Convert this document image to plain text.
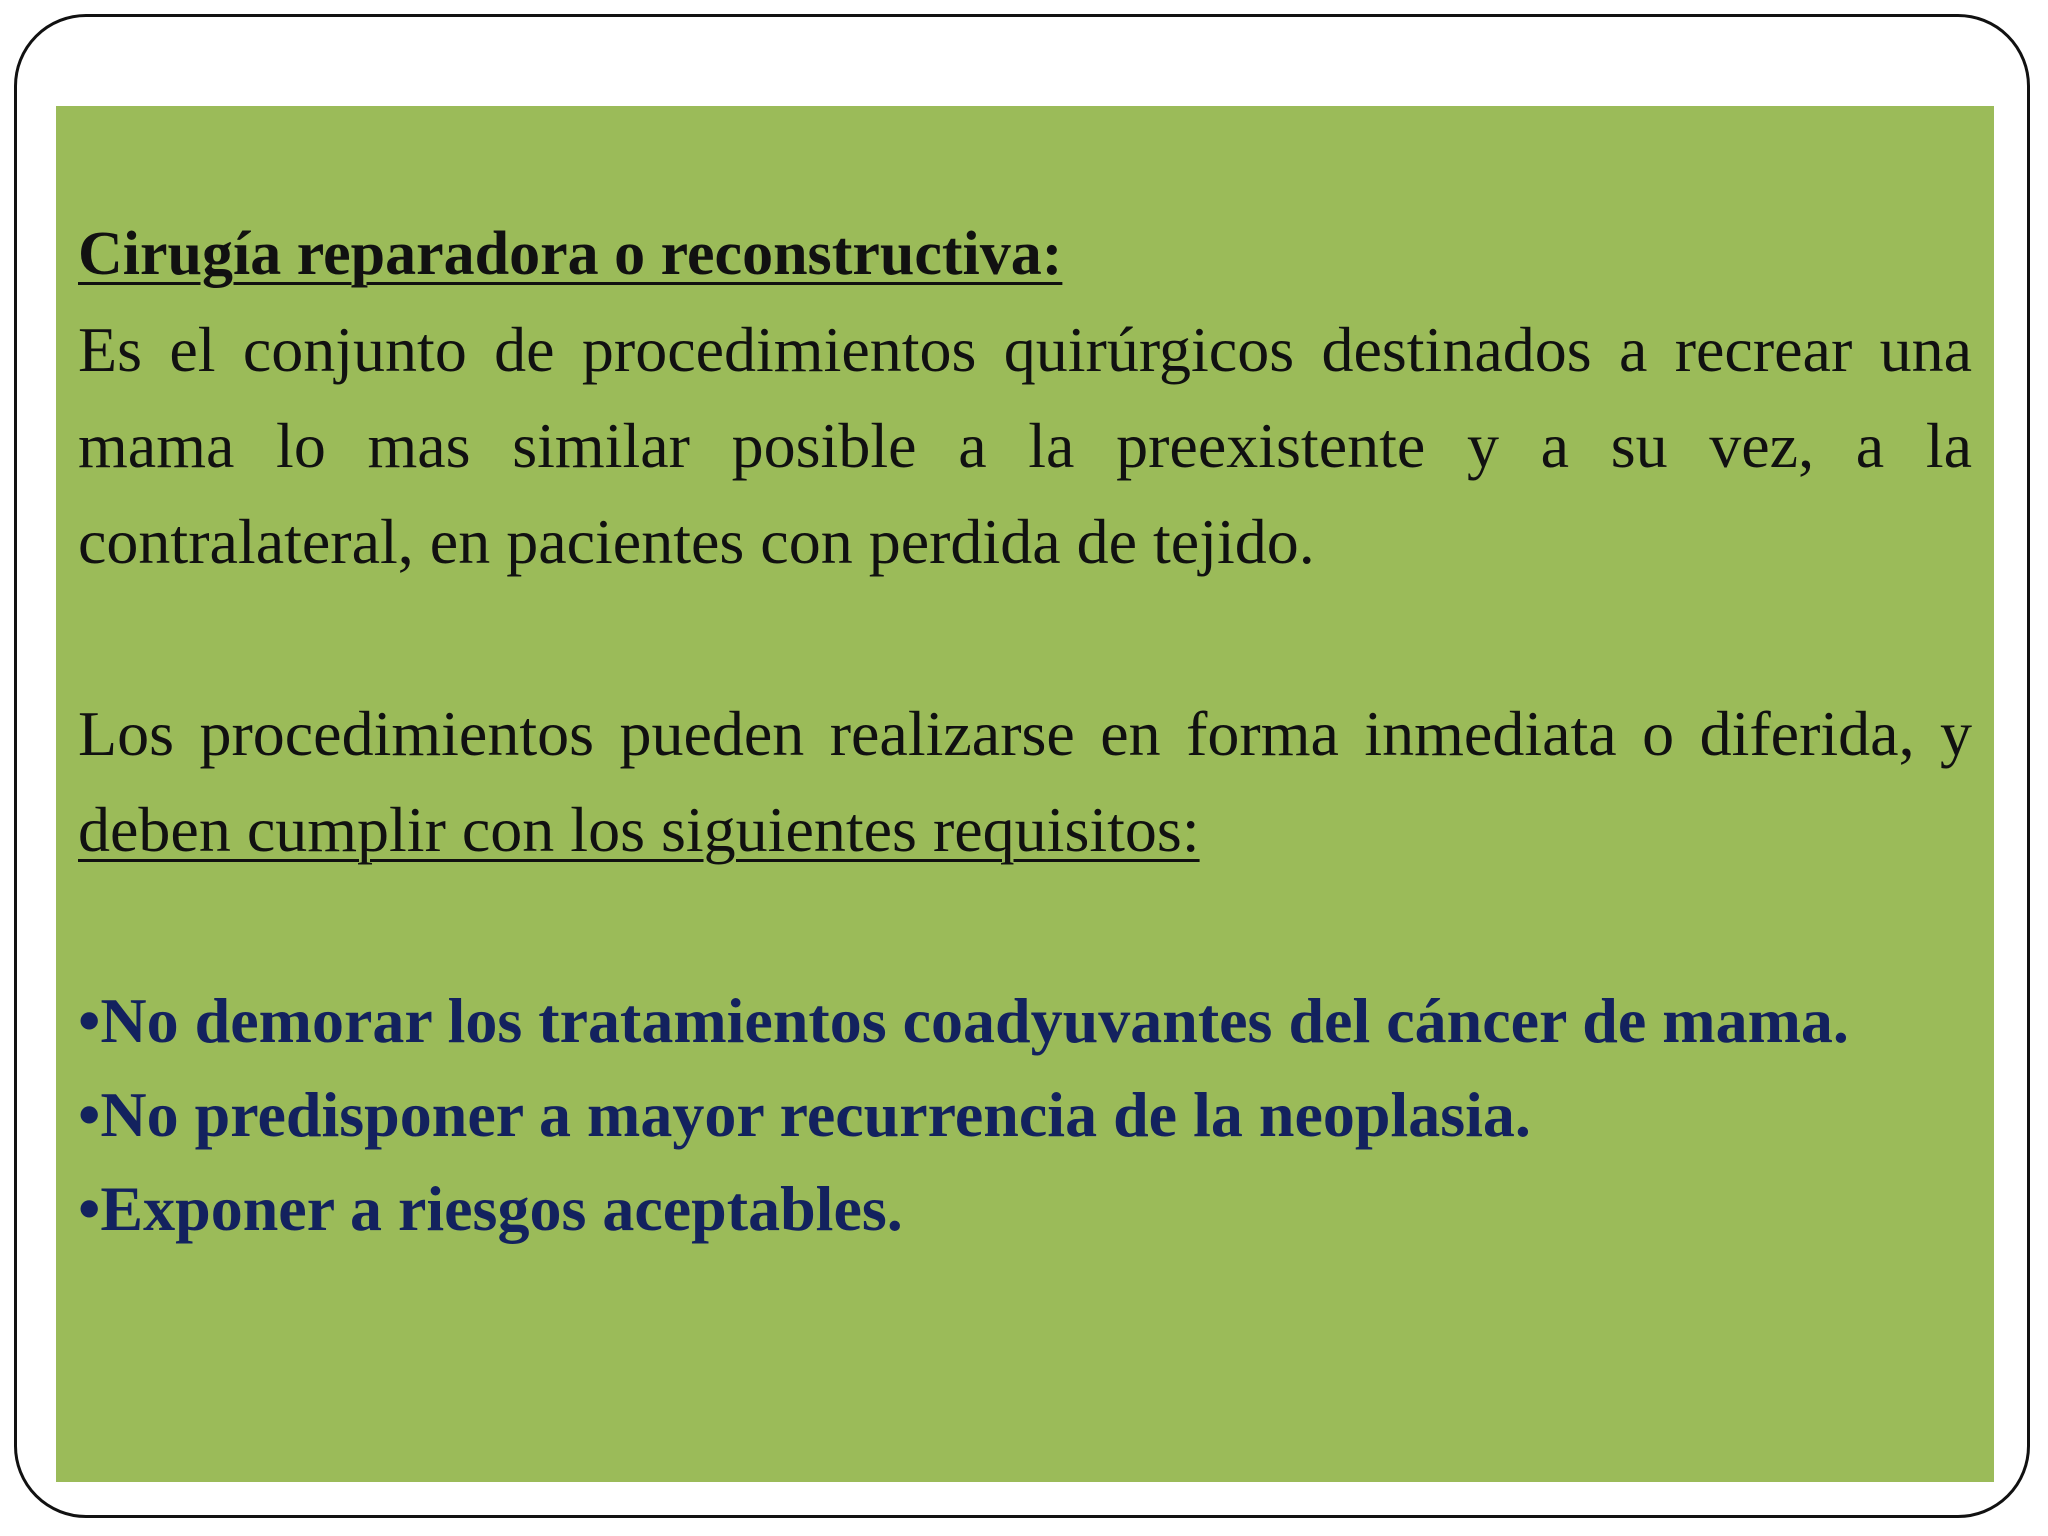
Cirugía reparadora o reconstructiva:

Es el conjunto de procedimientos quirúrgicos destinados a recrear una mama lo mas similar posible a la preexistente y a su vez, a la contralateral, en pacientes con perdida de tejido.

Los procedimientos pueden realizarse en forma inmediata o diferida, y deben cumplir con los siguientes requisitos:

•No demorar los tratamientos coadyuvantes del cáncer de mama.
•No predisponer a mayor recurrencia de la neoplasia.
•Exponer a riesgos aceptables.
